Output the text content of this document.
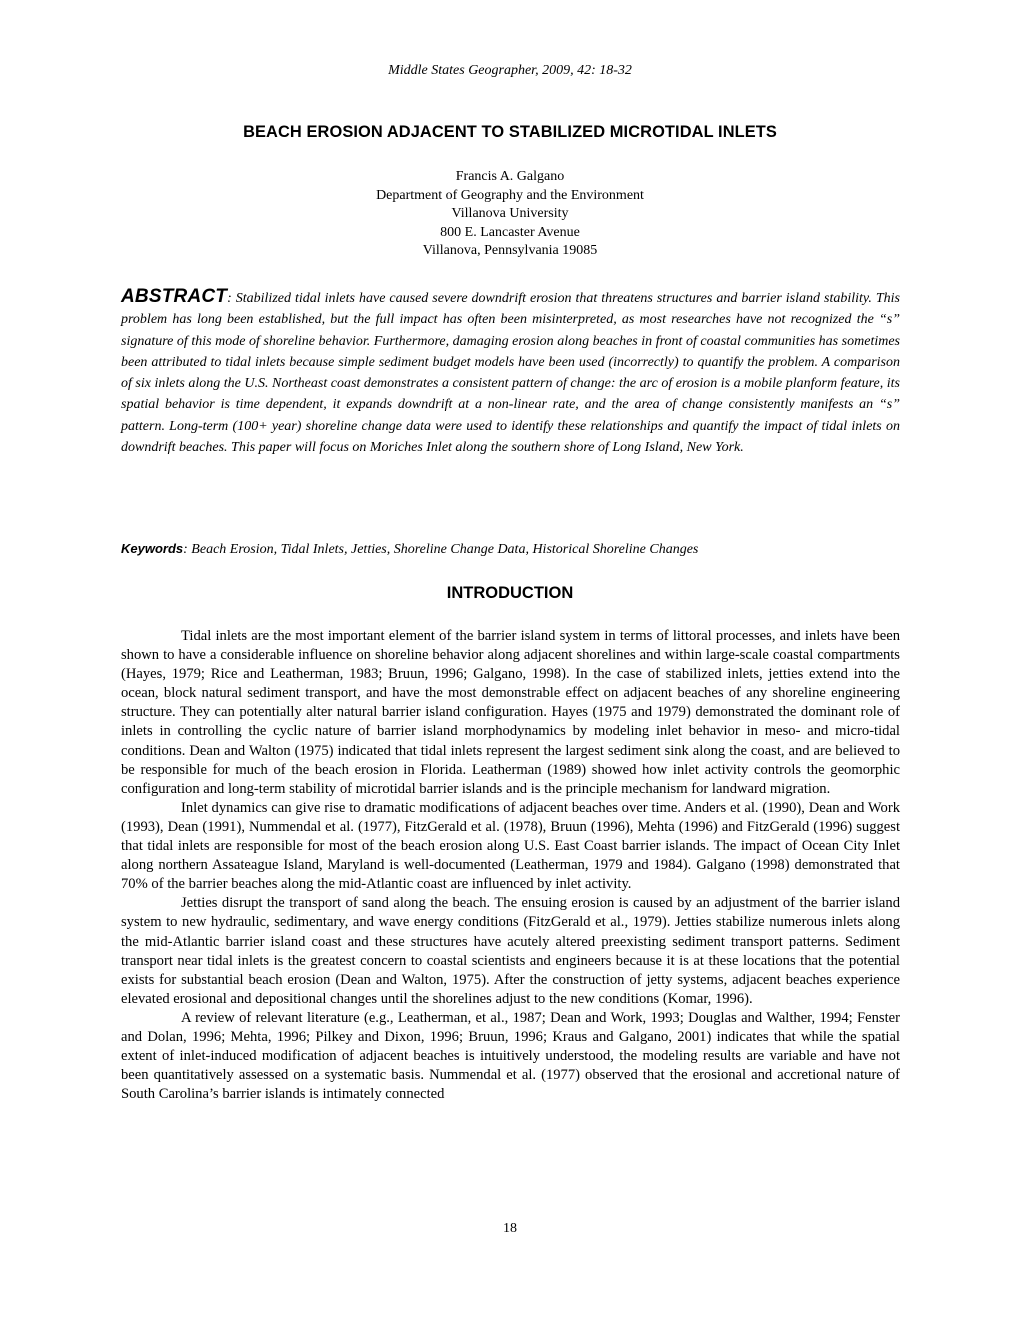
Middle States Geographer, 2009, 42: 18-32
BEACH EROSION ADJACENT TO STABILIZED MICROTIDAL INLETS
Francis A. Galgano
Department of Geography and the Environment
Villanova University
800 E. Lancaster Avenue
Villanova, Pennsylvania 19085
ABSTRACT: Stabilized tidal inlets have caused severe downdrift erosion that threatens structures and barrier island stability. This problem has long been established, but the full impact has often been misinterpreted, as most researches have not recognized the “s” signature of this mode of shoreline behavior. Furthermore, damaging erosion along beaches in front of coastal communities has sometimes been attributed to tidal inlets because simple sediment budget models have been used (incorrectly) to quantify the problem. A comparison of six inlets along the U.S. Northeast coast demonstrates a consistent pattern of change: the arc of erosion is a mobile planform feature, its spatial behavior is time dependent, it expands downdrift at a non-linear rate, and the area of change consistently manifests an “s” pattern. Long-term (100+ year) shoreline change data were used to identify these relationships and quantify the impact of tidal inlets on downdrift beaches. This paper will focus on Moriches Inlet along the southern shore of Long Island, New York.
Keywords: Beach Erosion, Tidal Inlets, Jetties, Shoreline Change Data, Historical Shoreline Changes
INTRODUCTION

Tidal inlets are the most important element of the barrier island system in terms of littoral processes, and inlets have been shown to have a considerable influence on shoreline behavior along adjacent shorelines and within large-scale coastal compartments (Hayes, 1979; Rice and Leatherman, 1983; Bruun, 1996; Galgano, 1998). In the case of stabilized inlets, jetties extend into the ocean, block natural sediment transport, and have the most demonstrable effect on adjacent beaches of any shoreline engineering structure. They can potentially alter natural barrier island configuration. Hayes (1975 and 1979) demonstrated the dominant role of inlets in controlling the cyclic nature of barrier island morphodynamics by modeling inlet behavior in meso- and micro-tidal conditions. Dean and Walton (1975) indicated that tidal inlets represent the largest sediment sink along the coast, and are believed to be responsible for much of the beach erosion in Florida. Leatherman (1989) showed how inlet activity controls the geomorphic configuration and long-term stability of microtidal barrier islands and is the principle mechanism for landward migration.

Inlet dynamics can give rise to dramatic modifications of adjacent beaches over time. Anders et al. (1990), Dean and Work (1993), Dean (1991), Nummendal et al. (1977), FitzGerald et al. (1978), Bruun (1996), Mehta (1996) and FitzGerald (1996) suggest that tidal inlets are responsible for most of the beach erosion along U.S. East Coast barrier islands. The impact of Ocean City Inlet along northern Assateague Island, Maryland is well-documented (Leatherman, 1979 and 1984). Galgano (1998) demonstrated that 70% of the barrier beaches along the mid-Atlantic coast are influenced by inlet activity.

Jetties disrupt the transport of sand along the beach. The ensuing erosion is caused by an adjustment of the barrier island system to new hydraulic, sedimentary, and wave energy conditions (FitzGerald et al., 1979). Jetties stabilize numerous inlets along the mid-Atlantic barrier island coast and these structures have acutely altered preexisting sediment transport patterns. Sediment transport near tidal inlets is the greatest concern to coastal scientists and engineers because it is at these locations that the potential exists for substantial beach erosion (Dean and Walton, 1975). After the construction of jetty systems, adjacent beaches experience elevated erosional and depositional changes until the shorelines adjust to the new conditions (Komar, 1996).

A review of relevant literature (e.g., Leatherman, et al., 1987; Dean and Work, 1993; Douglas and Walther, 1994; Fenster and Dolan, 1996; Mehta, 1996; Pilkey and Dixon, 1996; Bruun, 1996; Kraus and Galgano, 2001) indicates that while the spatial extent of inlet-induced modification of adjacent beaches is intuitively understood, the modeling results are variable and have not been quantitatively assessed on a systematic basis. Nummendal et al. (1977) observed that the erosional and accretional nature of South Carolina’s barrier islands is intimately connected

18
